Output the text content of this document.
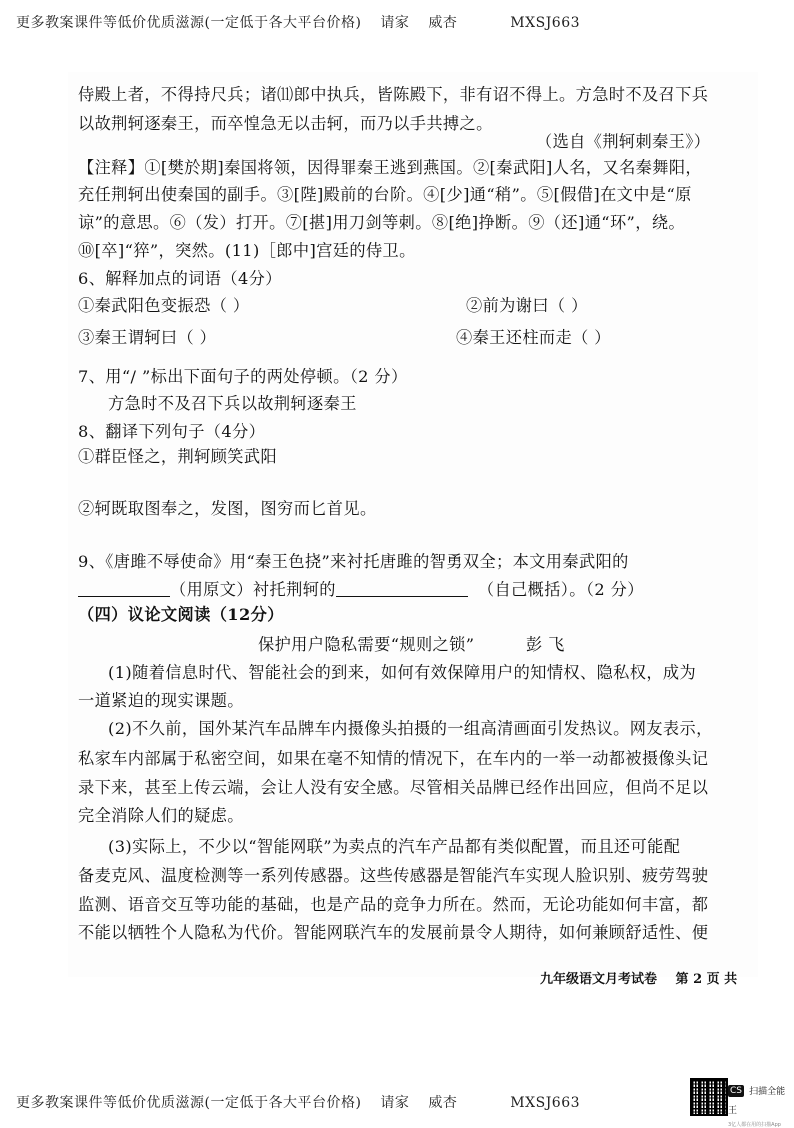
更多教案课件等低价优质滋源(一定低于各大平台价格) 请家 威杏	MXSJ663
侍殿上者，不得持尺兵；诸⑾郎中执兵，皆陈殿下，非有诏不得上。方急时不及召下兵
以故荆轲逐秦王，而卒惶急无以击轲，而乃以手共搏之。
（选自《荆轲刺秦王》）
【注释】①[樊於期]秦国将领，因得罪秦王逃到燕国。②[秦武阳]人名，又名秦舞阳，
充任荆轲出使秦国的副手。③[陛]殿前的台阶。④[少]通“稍”。⑤[假借]在文中是“原
谅”的意思。⑥（发）打开。⑦[揕]用刀剑等刺。⑧[绝]挣断。⑨（还]通“环”，绕。
⑩[卒]“猝”，突然。(11)［郎中]宫廷的侍卫。
6、解释加点的词语（4分）
①秦武阳色变振恐（ ）	②前为谢曰（ ）
③秦王谓轲曰（ ）	④秦王还柱而走（ ）
7、用“/ ”标出下面句子的两处停顿。（2 分）
方急时不及召下兵以故荆轲逐秦王
8、翻译下列句子（4分）
①群臣怪之，荆轲顾笑武阳
②轲既取图奉之，发图，图穷而匕首见。
9、《唐雎不辱使命》用“秦王色挠”来衬托唐雎的智勇双全；本文用秦武阳的
（用原文）衬托荆轲的	（自己概括）。（2 分）
（四）议论文阅读（12分）
保护用户隐私需要“规则之锁”	彭 飞
(1)随着信息时代、智能社会的到来，如何有效保障用户的知情权、隐私权，成为
一道紧迫的现实课题。
(2)不久前，国外某汽车品牌车内摄像头拍摄的一组高清画面引发热议。网友表示，
私家车内部属于私密空间，如果在毫不知情的情况下，在车内的一举一动都被摄像头记
录下来，甚至上传云端，会让人没有安全感。尽管相关品牌已经作出回应，但尚不足以
完全消除人们的疑虑。
(3)实际上，不少以“智能网联”为卖点的汽车产品都有类似配置，而且还可能配
备麦克风、温度检测等一系列传感器。这些传感器是智能汽车实现人脸识别、疲劳驾驶
监测、语音交互等功能的基础，也是产品的竞争力所在。然而，无论功能如何丰富，都
不能以牺牲个人隐私为代价。智能网联汽车的发展前景令人期待，如何兼顾舒适性、便
九年级语文月考试卷 第 2 页 共
更多教案课件等低价优质滋源(一定低于各大平台价格) 请家 威杏	MXSJ663
CS 扫描全能王
3亿人都在用的扫描App
